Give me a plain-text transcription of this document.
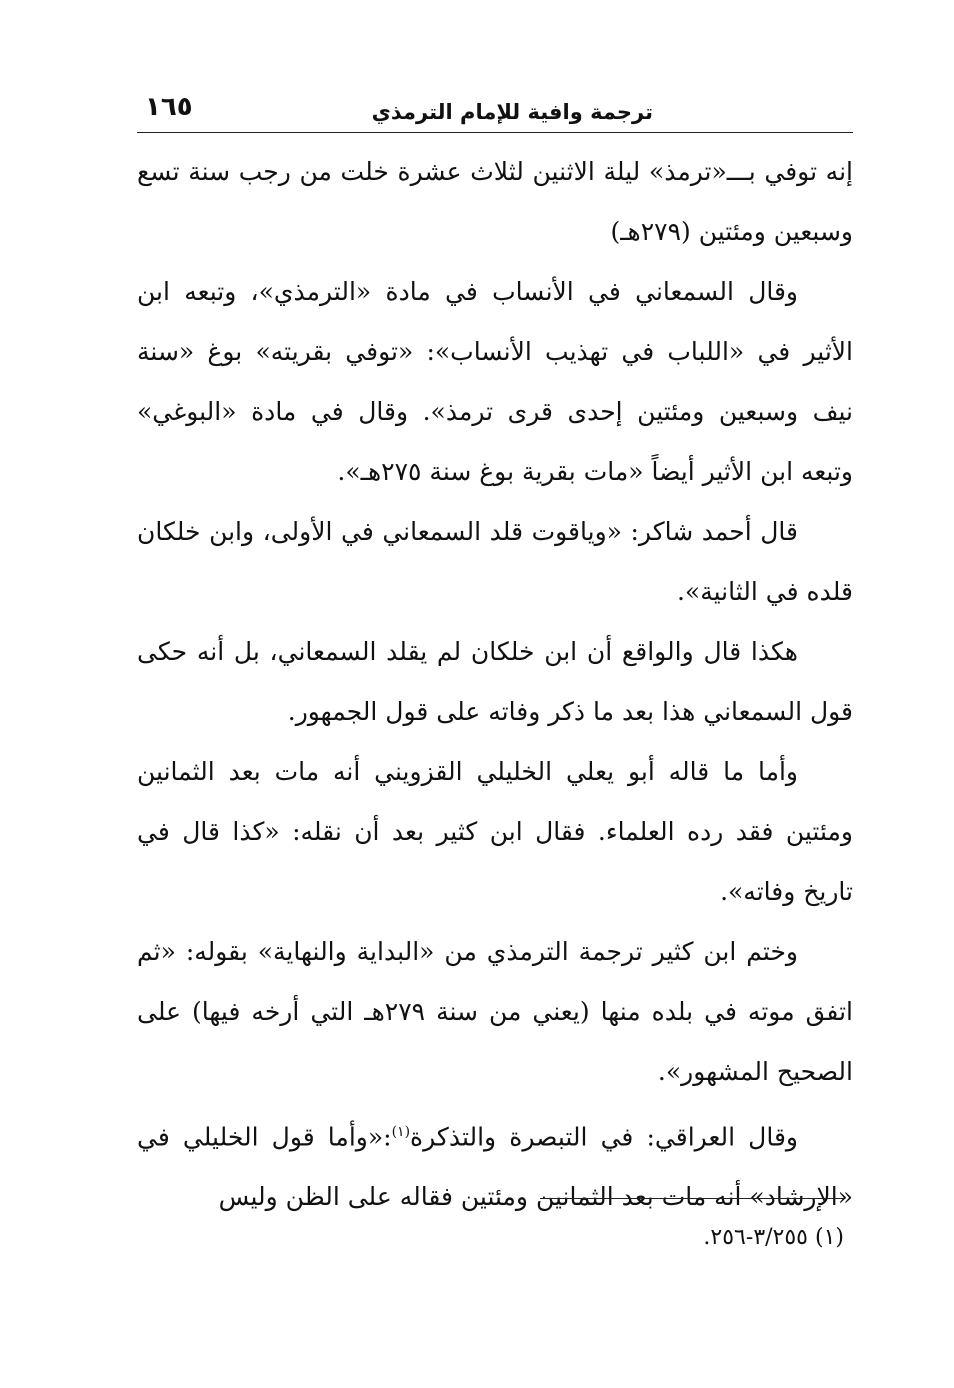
ترجمة وافية للإمام الترمذي
١٦٥

إنه توفي بـــ«ترمذ» ليلة الاثنين لثلاث عشرة خلت من رجب سنة تسع وسبعين ومئتين (٢٧٩هـ)

وقال السمعاني في الأنساب في مادة «الترمذي»، وتبعه ابن الأثير في «اللباب في تهذيب الأنساب»: «توفي بقريته» بوغ «سنة نيف وسبعين ومئتين إحدى قرى ترمذ». وقال في مادة «البوغي» وتبعه ابن الأثير أيضاً «مات بقرية بوغ سنة ٢٧٥هـ».

قال أحمد شاكر: «وياقوت قلد السمعاني في الأولى، وابن خلكان قلده في الثانية».

هكذا قال والواقع أن ابن خلكان لم يقلد السمعاني، بل أنه حكى قول السمعاني هذا بعد ما ذكر وفاته على قول الجمهور.

وأما ما قاله أبو يعلي الخليلي القزويني أنه مات بعد الثمانين ومئتين فقد رده العلماء. فقال ابن كثير بعد أن نقله: «كذا قال في تاريخ وفاته».

وختم ابن كثير ترجمة الترمذي من «البداية والنهاية» بقوله: «ثم اتفق موته في بلده منها (يعني من سنة ٢٧٩هـ التي أرخه فيها) على الصحيح المشهور».

وقال العراقي: في التبصرة والتذكرة$^{(١)}$:«وأما قول الخليلي في «الإرشاد» أنه مات بعد الثمانين ومئتين فقاله على الظن وليس

(١) ٣/٢٥٥-٢٥٦.
